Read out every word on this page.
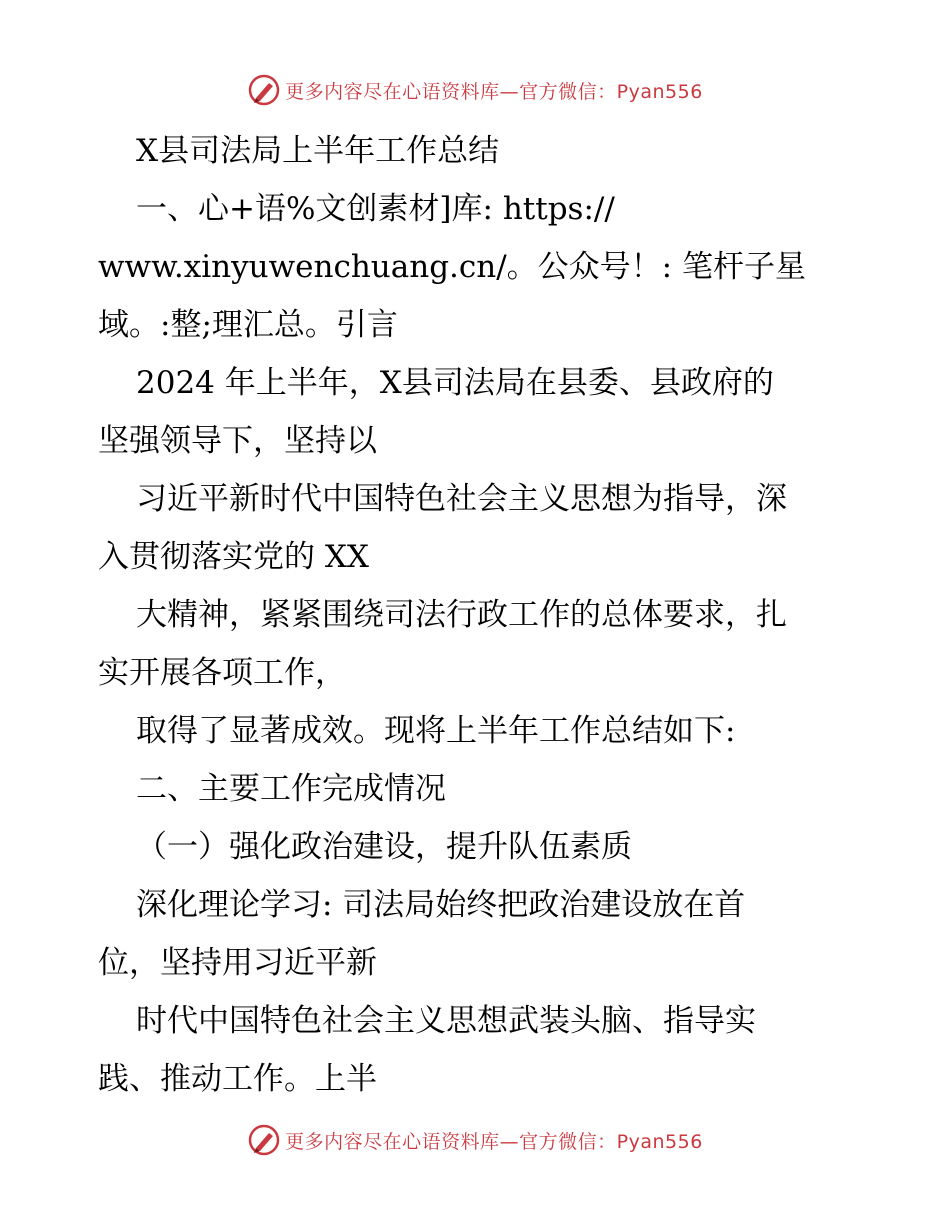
更多内容尽在心语资料库—官方微信：Pyan556
X县司法局上半年工作总结
一、心+语%文创素材]库: https://
www.xinyuwenchuang.cn/。公众号！: 笔杆子星
域。:整;理汇总。引言
2024 年上半年，X县司法局在县委、县政府的
坚强领导下，坚持以
习近平新时代中国特色社会主义思想为指导，深
入贯彻落实党的 XX
大精神，紧紧围绕司法行政工作的总体要求，扎
实开展各项工作，
取得了显著成效。现将上半年工作总结如下:
二、主要工作完成情况
（一）强化政治建设，提升队伍素质
深化理论学习: 司法局始终把政治建设放在首
位，坚持用习近平新
时代中国特色社会主义思想武装头脑、指导实
践、推动工作。上半
更多内容尽在心语资料库—官方微信：Pyan556
